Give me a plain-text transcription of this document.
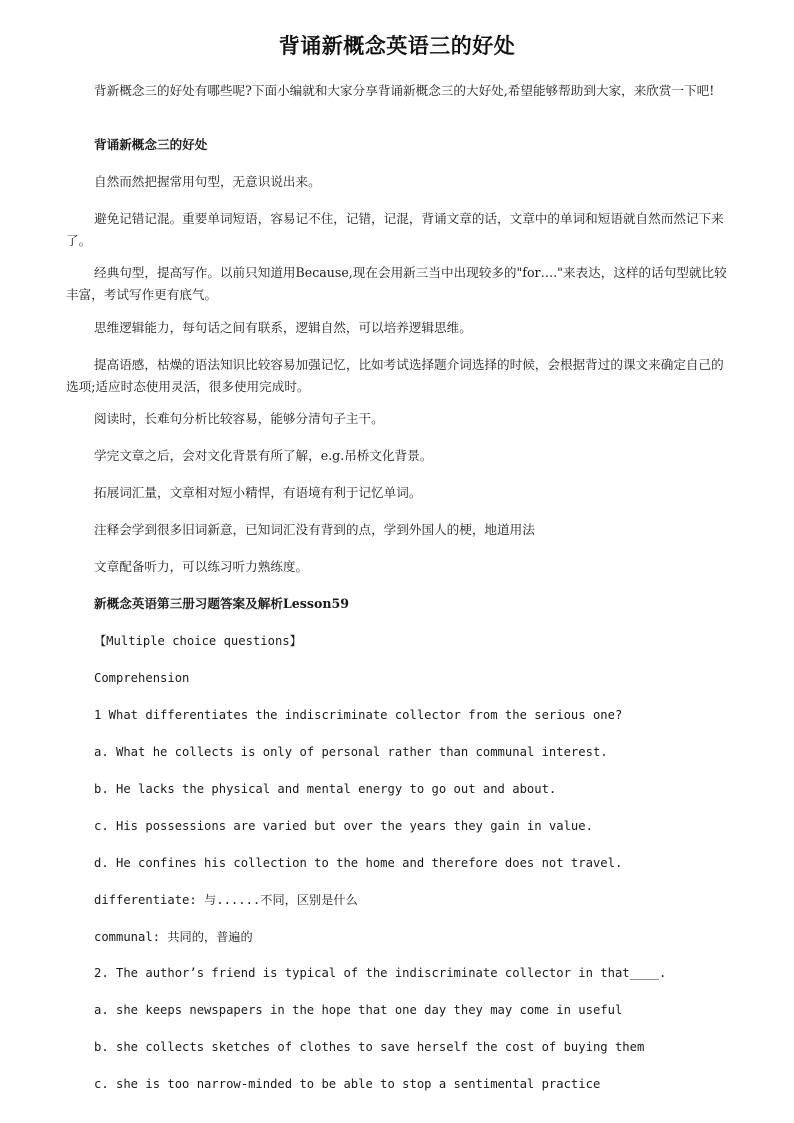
背诵新概念英语三的好处

背新概念三的好处有哪些呢?下面小编就和大家分享背诵新概念三的大好处,希望能够帮助到大家，来欣赏一下吧!

背诵新概念三的好处

自然而然把握常用句型，无意识说出来。

避免记错记混。重要单词短语，容易记不住，记错，记混，背诵文章的话，文章中的单词和短语就自然而然记下来了。

经典句型，提高写作。以前只知道用Because,现在会用新三当中出现较多的"for…."来表达，这样的话句型就比较丰富，考试写作更有底气。

思维逻辑能力，每句话之间有联系，逻辑自然，可以培养逻辑思维。

提高语感，枯燥的语法知识比较容易加强记忆，比如考试选择题介词选择的时候，会根据背过的课文来确定自己的选项;适应时态使用灵活，很多使用完成时。

阅读时，长难句分析比较容易，能够分清句子主干。

学完文章之后，会对文化背景有所了解，e.g.吊桥文化背景。

拓展词汇量，文章相对短小精悍，有语境有利于记忆单词。

注释会学到很多旧词新意，已知词汇没有背到的点，学到外国人的梗，地道用法

文章配备听力，可以练习听力熟练度。

新概念英语第三册习题答案及解析Lesson59

【Multiple choice questions】

Comprehension

1 What differentiates the indiscriminate collector from the serious one?

a. What he collects is only of personal rather than communal interest.

b. He lacks the physical and mental energy to go out and about.

c. His possessions are varied but over the years they gain in value.

d. He confines his collection to the home and therefore does not travel.

differentiate: 与......不同，区别是什么

communal: 共同的，普遍的

2. The author’s friend is typical of the indiscriminate collector in that____.

a. she keeps newspapers in the hope that one day they may come in useful

b. she collects sketches of clothes to save herself the cost of buying them

c. she is too narrow-minded to be able to stop a sentimental practice
